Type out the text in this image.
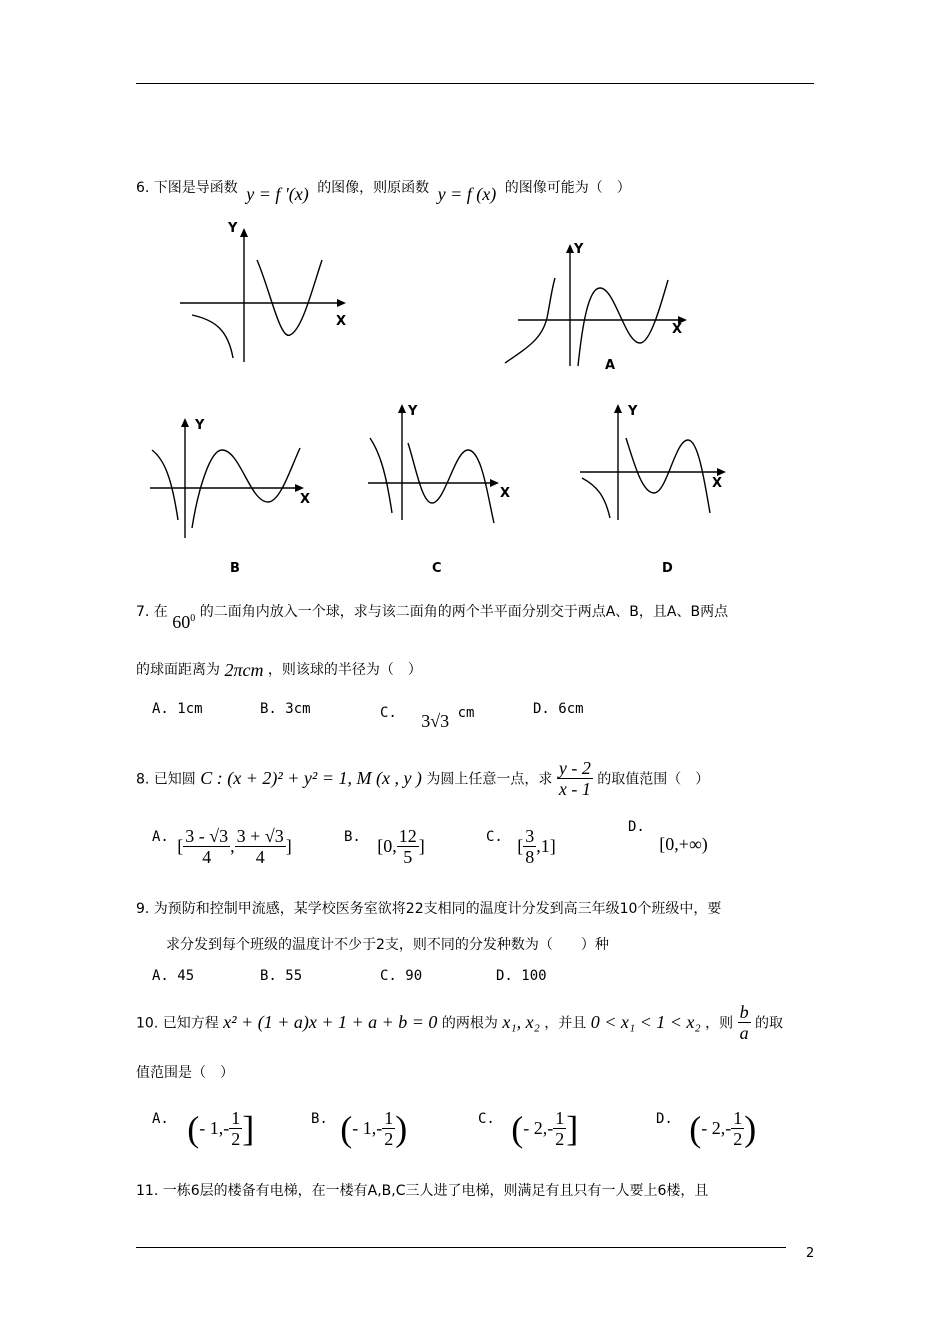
6. 下图是导函数 y = f '(x) 的图像，则原函数 y = f (x) 的图像可能为（　）
Y
X
Y
X
A
Y
X
B
Y
X
C
Y
X
D
7. 在 $60^0$ 的二面角内放入一个球，求与该二面角的两个半平面分别交于两点A、B，且A、B两点
的球面距离为 2πcm ，则该球的半径为（　）
A. 1cm	B. 3cm	C. 3√3 cm	D. 6cm
8. 已知圆 C : (x + 2)² + y² = 1, M (x , y ) 为圆上任意一点，求 $\frac{y - 2}{x - 1}$ 的取值范围（　）
A. [ $\frac{3 - √3}{4}$ , $\frac{3 + √3}{4}$ ]	B. [0, $\frac{12}{5}$ ]	C. [ $\frac{3}{8} ,1$]
D. [0,+∞)
9. 为预防和控制甲流感，某学校医务室欲将22支相同的温度计分发到高三年级10个班级中，要
求分发到每个班级的温度计不少于2支，则不同的分发种数为（　　）种
A. 45	B. 55	C. 90	D. 100
10. 已知方程 x² + (1 + a)x + 1 + a + b = 0 的两根为 x₁, x₂ ，并且 0 < x₁ < 1 < x₂ ，则 $\frac{b}{a}$ 的取
值范围是（　）
A. (- $1,- \frac{1}{2}$ ]	B. (- $1,- \frac{1}{2}$ )	C. (- $2,- \frac{1}{2}$ ]	D. (- $2,- \frac{1}{2}$ )
11. 一栋6层的楼备有电梯，在一楼有A,B,C三人进了电梯，则满足有且只有一人要上6楼，且
2
